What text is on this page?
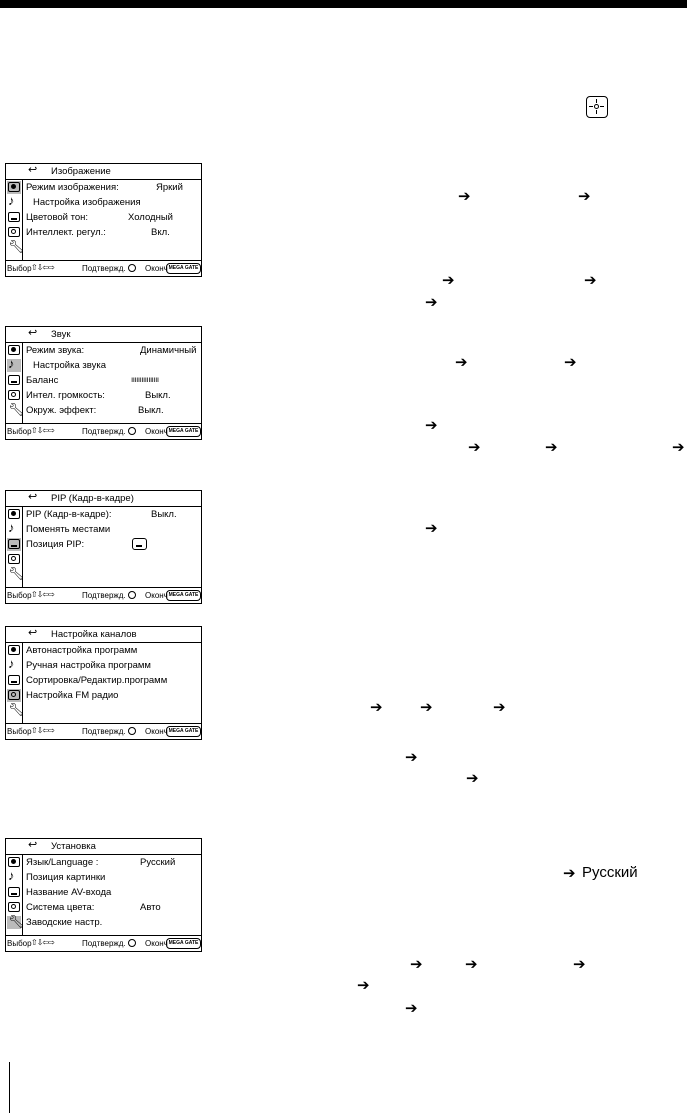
↩ Изображение
♪
🔧︎
Режим изображения:	Яркий
Настройка изображения
Цветовой тон:	Холодный
Интеллект. регул.:	Вкл.
Выбор ⇧⇩⇦⇨	Подтвержд. Оконч MEGA GATE
↩ Звук
♪
🔧︎
Режим звука:	Динамичный
Настройка звука
Баланс	ıııııııııııııııı
Интел. громкость:	Выкл.
Окруж. эффект:	Выкл.
Выбор ⇧⇩⇦⇨	Подтвержд. Оконч MEGA GATE
↩ PIP (Кадр-в-кадре)
♪
🔧︎
PIP (Кадр-в-кадре):	Выкл.
Поменять местами
Позиция PIP:
Выбор ⇧⇩⇦⇨	Подтвержд. Оконч MEGA GATE
↩ Настройка каналов
♪
🔧︎
Автонастройка программ
Ручная настройка программ
Сортировка/Редактир.программ
Настройка FM радио
Выбор ⇧⇩⇦⇨	Подтвержд. Оконч MEGA GATE
↩ Установка
♪
🔧︎
Язык/Language :	Русский
Позиция картинки
Название AV-входа
Система цвета:	Авто
Заводские настр.
Выбор ⇧⇩⇦⇨	Подтвержд. Оконч MEGA GATE
➔	➔
➔	➔
➔
➔	➔
➔
➔	➔	➔
➔
➔ ➔	➔
➔
➔
➔ Русский
➔	➔	➔
➔
➔
